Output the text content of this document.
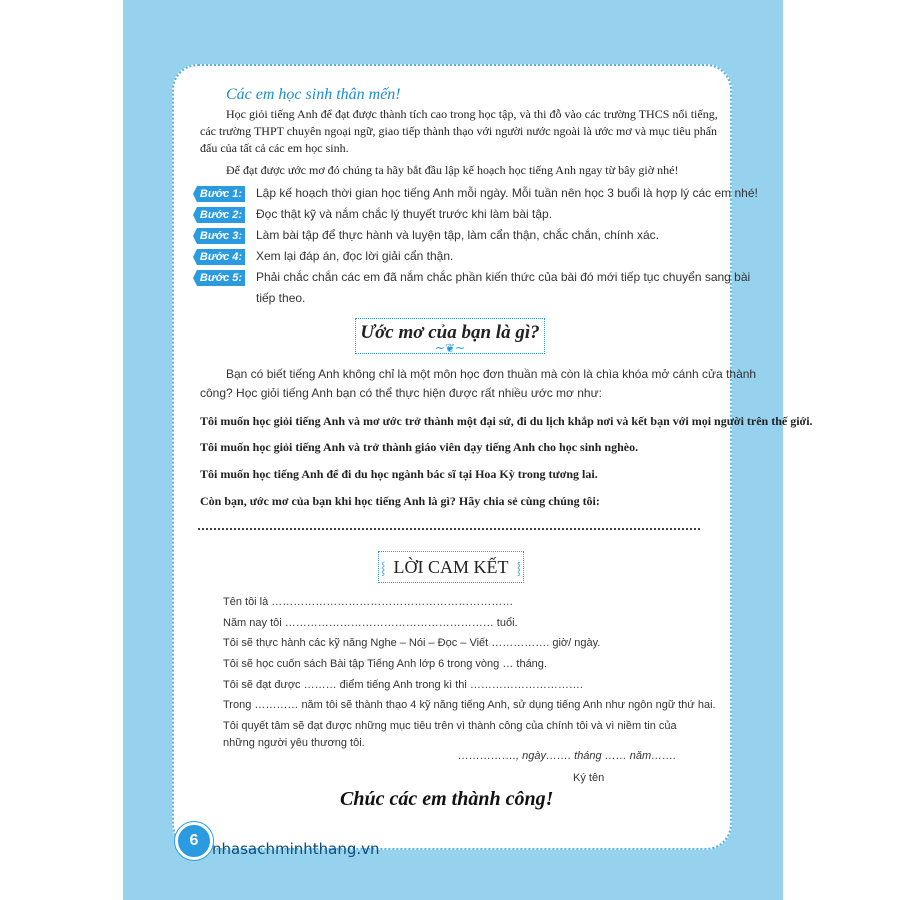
Các em học sinh thân mến!
Học giỏi tiếng Anh để đạt được thành tích cao trong học tập, và thi đỗ vào các trường THCS nổi tiếng,
các trường THPT chuyên ngoại ngữ, giao tiếp thành thạo với người nước ngoài là ước mơ và mục tiêu phấn
đấu của tất cả các em học sinh.
Để đạt được ước mơ đó chúng ta hãy bắt đầu lập kế hoạch học tiếng Anh ngay từ bây giờ nhé!
Bước 1: Lập kế hoạch thời gian học tiếng Anh mỗi ngày. Mỗi tuần nên học 3 buổi là hợp lý các em nhé!
Bước 2: Đọc thật kỹ và nắm chắc lý thuyết trước khi làm bài tập.
Bước 3: Làm bài tập để thực hành và luyện tập, làm cẩn thận, chắc chắn, chính xác.
Bước 4: Xem lại đáp án, đọc lời giải cẩn thận.
Bước 5: Phải chắc chắn các em đã nắm chắc phần kiến thức của bài đó mới tiếp tục chuyển sang bài
tiếp theo.
Ước mơ của bạn là gì?
~❦~
Bạn có biết tiếng Anh không chỉ là một môn học đơn thuần mà còn là chìa khóa mở cánh cửa thành
công? Học giỏi tiếng Anh bạn có thể thực hiện được rất nhiều ước mơ như:
Tôi muốn học giỏi tiếng Anh và mơ ước trở thành một đại sứ, đi du lịch khắp nơi và kết bạn với mọi người trên thế giới.
Tôi muốn học giỏi tiếng Anh và trở thành giáo viên dạy tiếng Anh cho học sinh nghèo.
Tôi muốn học tiếng Anh để đi du học ngành bác sĩ tại Hoa Kỳ trong tương lai.
Còn bạn, ước mơ của bạn khi học tiếng Anh là gì? Hãy chia sẻ cùng chúng tôi:
⸾ LỜI CAM KẾT ⸾
Tên tôi là …………………………………………………………
Năm nay tôi ………………………………………………… tuổi.
Tôi sẽ thực hành các kỹ năng Nghe – Nói – Đọc – Viết ……………. giờ/ ngày.
Tôi sẽ học cuốn sách Bài tập Tiếng Anh lớp 6 trong vòng … tháng.
Tôi sẽ đạt được ……… điểm tiếng Anh trong kì thi ………………………….
Trong ………… năm tôi sẽ thành thạo 4 kỹ năng tiếng Anh, sử dụng tiếng Anh như ngôn ngữ thứ hai.
Tôi quyết tâm sẽ đạt được những mục tiêu trên vì thành công của chính tôi và vì niềm tin của
những người yêu thương tôi.
……………., ngày……. tháng …… năm…….
Ký tên
Chúc các em thành công!
6 nhasachminhthang.vn
